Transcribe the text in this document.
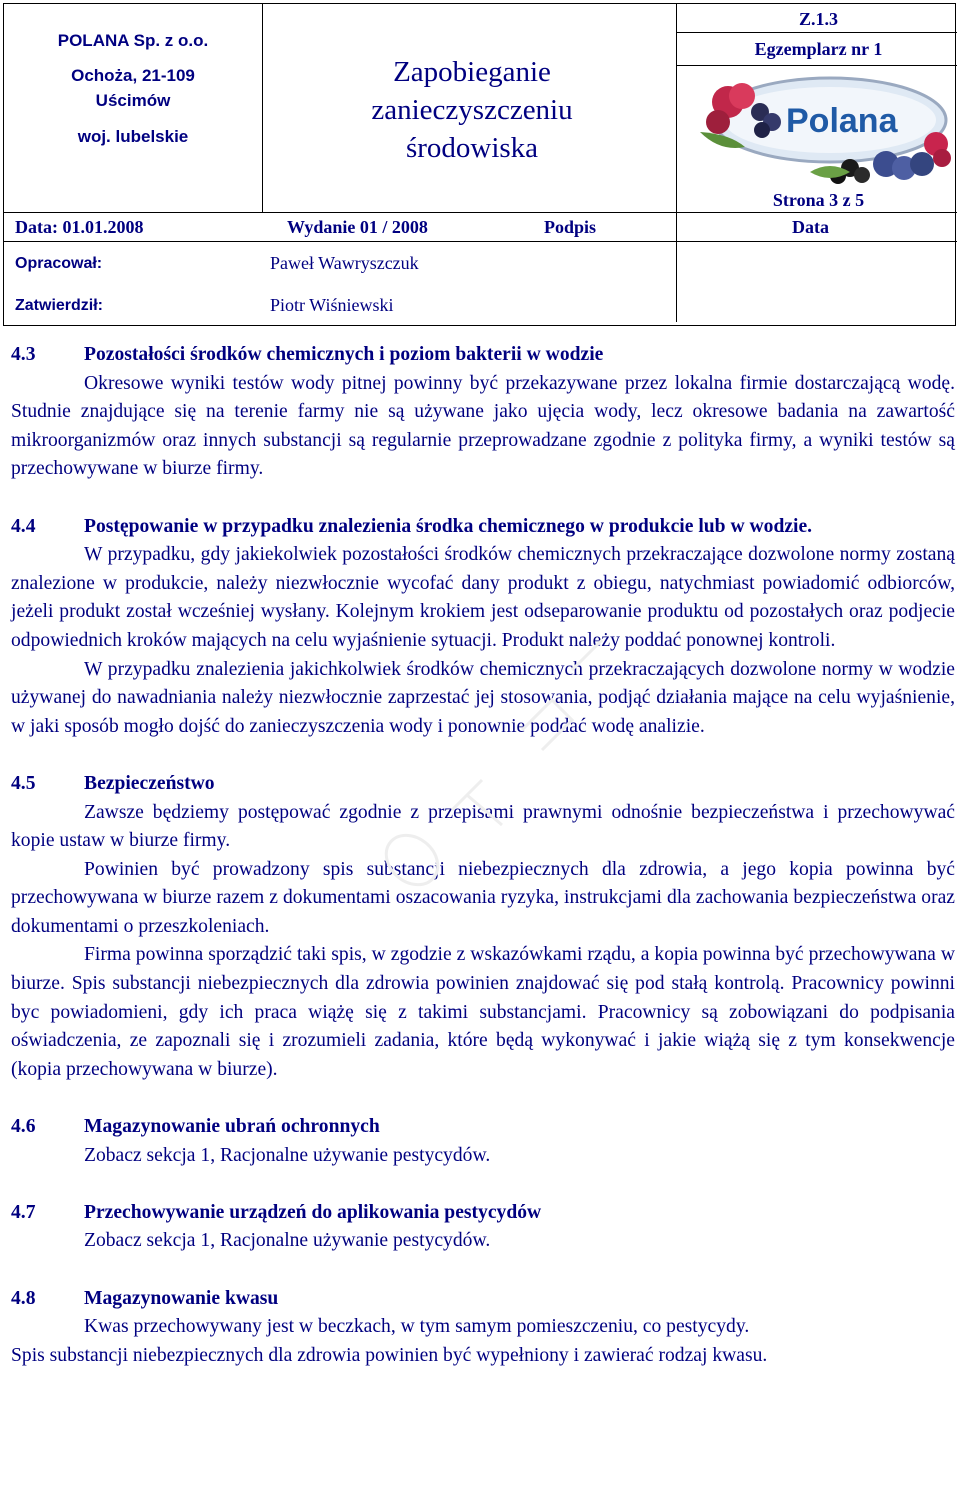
POLANA Sp. z o.o.
Ochoża, 21-109
Uścimów
woj. lubelskie
Zapobieganie
zanieczyszczeniu
środowiska
Z.1.3
Egzemplarz nr 1
Polana
Strona 3 z 5
Data: 01.01.2008	Wydanie 01 / 2008	Podpis	Data
Opracował:	Paweł Wawryszczuk
Zatwierdził:	Piotr Wiśniewski
4.3 Pozostałości środków chemicznych i poziom bakterii w wodzie

Okresowe wyniki testów wody pitnej powinny być przekazywane przez lokalna firmie dostarczającą wodę. Studnie znajdujące się na terenie farmy nie są używane jako ujęcia wody, lecz okresowe badania na zawartość mikroorganizmów oraz innych substancji są regularnie przeprowadzane zgodnie z polityka firmy, a wyniki testów są przechowywane w biurze firmy.

4.4 Postępowanie w przypadku znalezienia środka chemicznego w produkcie lub w wodzie.

W przypadku, gdy jakiekolwiek pozostałości środków chemicznych przekraczające dozwolone normy zostaną znalezione w produkcie, należy niezwłocznie wycofać dany produkt z obiegu, natychmiast powiadomić odbiorców, jeżeli produkt został wcześniej wysłany. Kolejnym krokiem jest odseparowanie produktu od pozostałych oraz podjecie odpowiednich kroków mających na celu wyjaśnienie sytuacji. Produkt należy poddać ponownej kontroli.

W przypadku znalezienia jakichkolwiek środków chemicznych przekraczających dozwolone normy w wodzie używanej do nawadniania należy niezwłocznie zaprzestać jej stosowania, podjąć działania mające na celu wyjaśnienie, w jaki sposób mogło dojść do zanieczyszczenia wody i ponownie poddać wodę analizie.

4.5 Bezpieczeństwo

Zawsze będziemy postępować zgodnie z przepisami prawnymi odnośnie bezpieczeństwa i przechowywać kopie ustaw w biurze firmy.

Powinien być prowadzony spis substancji niebezpiecznych dla zdrowia, a jego kopia powinna być przechowywana w biurze razem z dokumentami oszacowania ryzyka, instrukcjami dla zachowania bezpieczeństwa oraz dokumentami o przeszkoleniach.

Firma powinna sporządzić taki spis, w zgodzie z wskazówkami rządu, a kopia powinna być przechowywana w biurze. Spis substancji niebezpiecznych dla zdrowia powinien znajdować się pod stałą kontrolą. Pracownicy powinni byc powiadomieni, gdy ich praca wiążę się z takimi substancjami. Pracownicy są zobowiązani do podpisania oświadczenia, ze zapoznali się i zrozumieli zadania, które będą wykonywać i jakie wiążą się z tym konsekwencje (kopia przechowywana w biurze).

4.6 Magazynowanie ubrań ochronnych

Zobacz sekcja 1, Racjonalne używanie pestycydów.

4.7 Przechowywanie urządzeń do aplikowania pestycydów

Zobacz sekcja 1, Racjonalne używanie pestycydów.

4.8 Magazynowanie kwasu

Kwas przechowywany jest w beczkach, w tym samym pomieszczeniu, co pestycydy.

Spis substancji niebezpiecznych dla zdrowia powinien być wypełniony i zawierać rodzaj kwasu.
